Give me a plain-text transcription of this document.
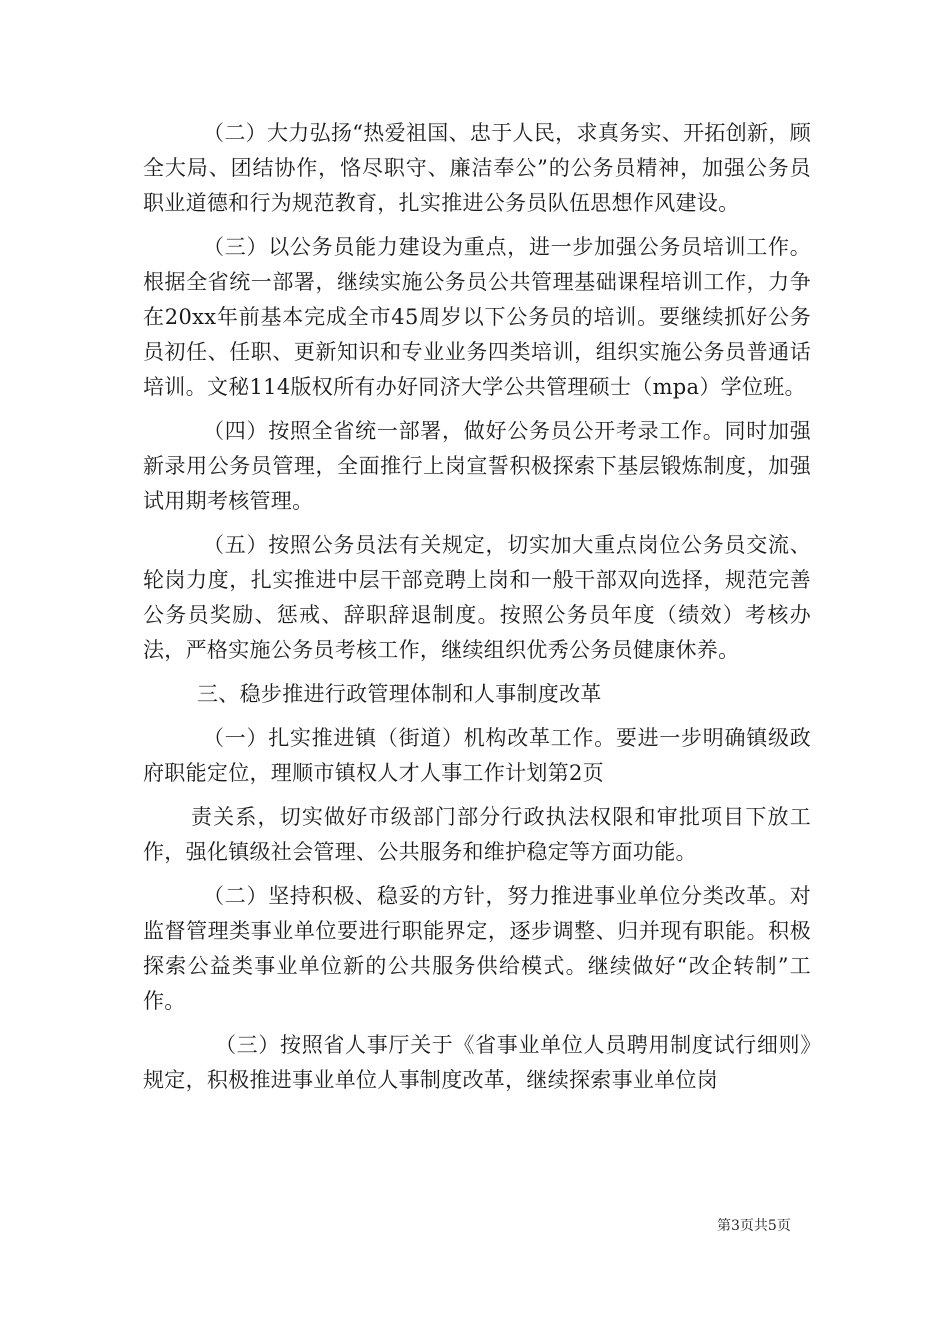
（二）大力弘扬“热爱祖国、忠于人民，求真务实、开拓创新，顾全大局、团结协作，恪尽职守、廉洁奉公”的公务员精神，加强公务员职业道德和行为规范教育，扎实推进公务员队伍思想作风建设。

（三）以公务员能力建设为重点，进一步加强公务员培训工作。根据全省统一部署，继续实施公务员公共管理基础课程培训工作，力争在20xx年前基本完成全市45周岁以下公务员的培训。要继续抓好公务员初任、任职、更新知识和专业业务四类培训，组织实施公务员普通话培训。文秘114版权所有办好同济大学公共管理硕士（mpa）学位班。

（四）按照全省统一部署，做好公务员公开考录工作。同时加强新录用公务员管理，全面推行上岗宣誓积极探索下基层锻炼制度，加强试用期考核管理。

（五）按照公务员法有关规定，切实加大重点岗位公务员交流、轮岗力度，扎实推进中层干部竞聘上岗和一般干部双向选择，规范完善公务员奖励、惩戒、辞职辞退制度。按照公务员年度（绩效）考核办法，严格实施公务员考核工作，继续组织优秀公务员健康休养。

三、稳步推进行政管理体制和人事制度改革

（一）扎实推进镇（街道）机构改革工作。要进一步明确镇级政府职能定位，理顺市镇权人才人事工作计划第2页

责关系，切实做好市级部门部分行政执法权限和审批项目下放工作，强化镇级社会管理、公共服务和维护稳定等方面功能。

（二）坚持积极、稳妥的方针，努力推进事业单位分类改革。对监督管理类事业单位要进行职能界定，逐步调整、归并现有职能。积极探索公益类事业单位新的公共服务供给模式。继续做好“改企转制”工作。

（三）按照省人事厅关于《省事业单位人员聘用制度试行细则》规定，积极推进事业单位人事制度改革，继续探索事业单位岗

第3页共5页
